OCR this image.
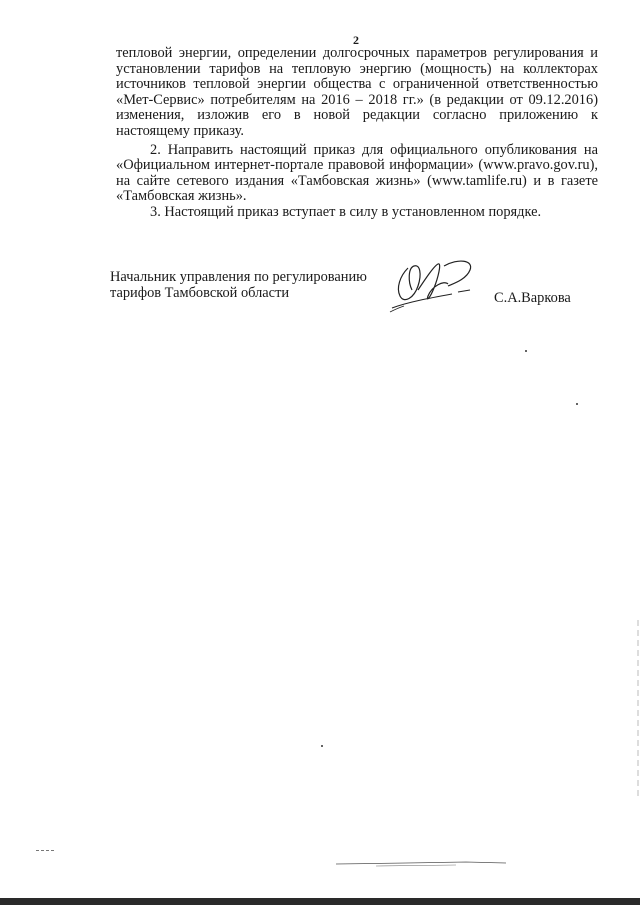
2

тепловой энергии, определении долгосрочных параметров регулирования и установлении тарифов на тепловую энергию (мощность) на коллекторах источников тепловой энергии общества с ограниченной ответственностью «Мет-Сервис» потребителям на 2016 – 2018 гг.» (в редакции от 09.12.2016) изменения, изложив его в новой редакции согласно приложению к настоящему приказу.

2. Направить настоящий приказ для официального опубликования на «Официальном интернет-портале правовой информации» (www.pravo.gov.ru), на сайте сетевого издания «Тамбовская жизнь» (www.tamlife.ru) и в газете «Тамбовская жизнь».

3. Настоящий приказ вступает в силу в установленном порядке.

Начальник управления по регулированию
тарифов Тамбовской области	С.А.Варкова
